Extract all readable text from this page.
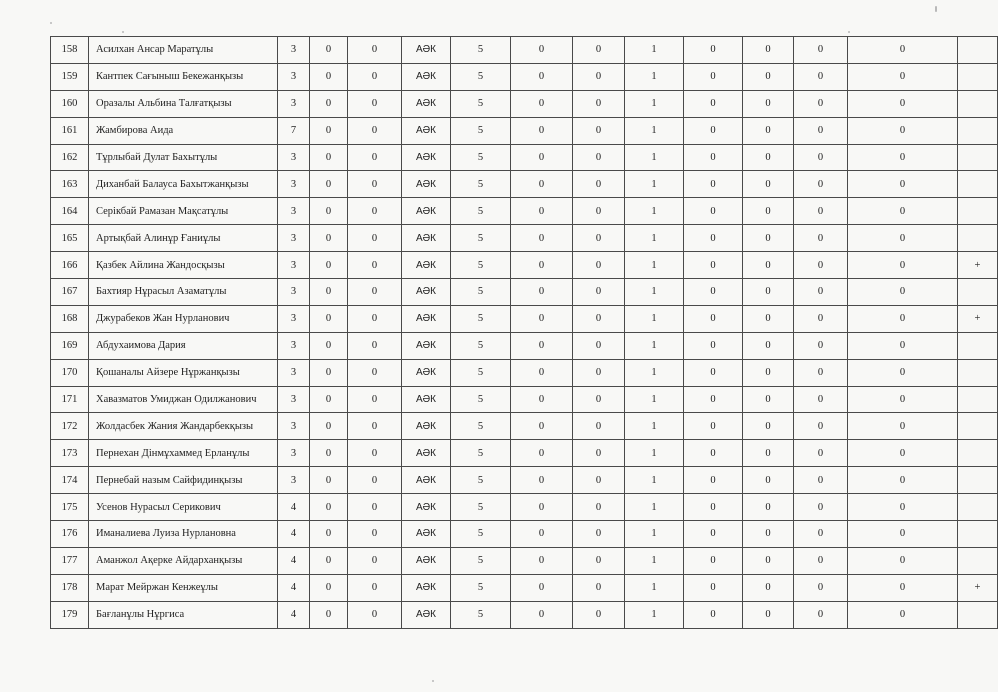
158	Асилхан Ансар Маратұлы	3	0	0	АӘК	5	0	0	1	0	0	0	0	
159	Кантпек Сағыныш Бекежанқызы	3	0	0	АӘК	5	0	0	1	0	0	0	0	
160	Оразалы Альбина Талғатқызы	3	0	0	АӘК	5	0	0	1	0	0	0	0	
161	Жамбирова Аида	7	0	0	АӘК	5	0	0	1	0	0	0	0	
162	Тұрлыбай Дулат Бахытұлы	3	0	0	АӘК	5	0	0	1	0	0	0	0	
163	Диханбай Балауса Бахытжанқызы	3	0	0	АӘК	5	0	0	1	0	0	0	0	
164	Серікбай Рамазан Мақсатұлы	3	0	0	АӘК	5	0	0	1	0	0	0	0	
165	Артықбай Алинұр Ғаниұлы	3	0	0	АӘК	5	0	0	1	0	0	0	0	
166	Қазбек Айлина Жандосқызы	3	0	0	АӘК	5	0	0	1	0	0	0	0	+
167	Бахтияр Нұрасыл Азаматұлы	3	0	0	АӘК	5	0	0	1	0	0	0	0	
168	Джурабеков Жан Нурланович	3	0	0	АӘК	5	0	0	1	0	0	0	0	+
169	Абдухаимова Дария	3	0	0	АӘК	5	0	0	1	0	0	0	0	
170	Қошаналы Айзере Нұржанқызы	3	0	0	АӘК	5	0	0	1	0	0	0	0	
171	Хавазматов Умиджан Одилжанович	3	0	0	АӘК	5	0	0	1	0	0	0	0	
172	Жолдасбек Жания Жандарбекқызы	3	0	0	АӘК	5	0	0	1	0	0	0	0	
173	Пернехан Дінмұхаммед Ерланұлы	3	0	0	АӘК	5	0	0	1	0	0	0	0	
174	Пернебай назым Сайфидинқызы	3	0	0	АӘК	5	0	0	1	0	0	0	0	
175	Усенов Нурасыл Серикович	4	0	0	АӘК	5	0	0	1	0	0	0	0	
176	Иманалиева Луиза Нурлановна	4	0	0	АӘК	5	0	0	1	0	0	0	0	
177	Аманжол Ақерке Айдарханқызы	4	0	0	АӘК	5	0	0	1	0	0	0	0	
178	Марат Мейржан Кенжеұлы	4	0	0	АӘК	5	0	0	1	0	0	0	0	+
179	Бағланұлы Нұргиса	4	0	0	АӘК	5	0	0	1	0	0	0	0	
